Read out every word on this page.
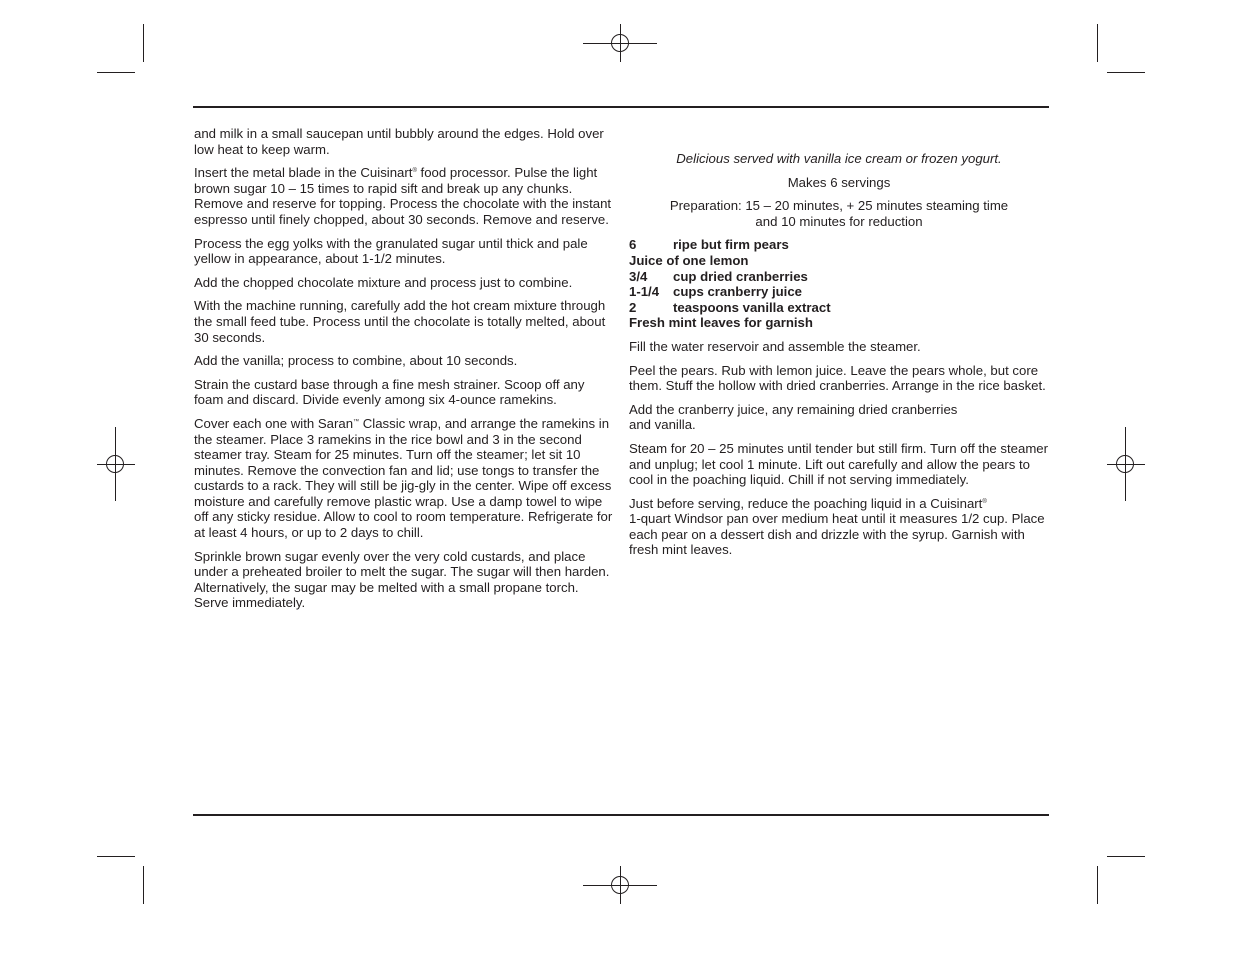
and milk in a small saucepan until bubbly around the edges. Hold over low heat to keep warm.

Insert the metal blade in the Cuisinart® food processor. Pulse the light brown sugar 10 – 15 times to rapid sift and break up any chunks. Remove and reserve for topping. Process the chocolate with the instant espresso until finely chopped, about 30 seconds. Remove and reserve.

Process the egg yolks with the granulated sugar until thick and pale yellow in appearance, about 1-1/2 minutes.

Add the chopped chocolate mixture and process just to combine.

With the machine running, carefully add the hot cream mixture through the small feed tube. Process until the chocolate is totally melted, about 30 seconds.

Add the vanilla; process to combine, about 10 seconds.

Strain the custard base through a fine mesh strainer. Scoop off any foam and discard. Divide evenly among six 4-ounce ramekins.

Cover each one with Saran™ Classic wrap, and arrange the ramekins in the steamer. Place 3 ramekins in the rice bowl and 3 in the second steamer tray. Steam for 25 minutes. Turn off the steamer; let sit 10 minutes. Remove the convection fan and lid; use tongs to transfer the custards to a rack. They will still be jig-gly in the center. Wipe off excess moisture and carefully remove plastic wrap. Use a damp towel to wipe off any sticky residue. Allow to cool to room temperature. Refrigerate for at least 4 hours, or up to 2 days to chill.

Sprinkle brown sugar evenly over the very cold custards, and place under a preheated broiler to melt the sugar. The sugar will then harden. Alternatively, the sugar may be melted with a small propane torch. Serve immediately.

Delicious served with vanilla ice cream or frozen yogurt.

Makes 6 servings

Preparation: 15 – 20 minutes, + 25 minutes steaming time
and 10 minutes for reduction

6	ripe but firm pears
Juice of one lemon
3/4	cup dried cranberries
1-1/4	cups cranberry juice
2	teaspoons vanilla extract
Fresh mint leaves for garnish

Fill the water reservoir and assemble the steamer.

Peel the pears. Rub with lemon juice. Leave the pears whole, but core them. Stuff the hollow with dried cranberries. Arrange in the rice basket.

Add the cranberry juice, any remaining dried cranberries
and vanilla.

Steam for 20 – 25 minutes until tender but still firm. Turn off the steamer and unplug; let cool 1 minute. Lift out carefully and allow the pears to cool in the poaching liquid. Chill if not serving immediately.

Just before serving, reduce the poaching liquid in a Cuisinart®
1-quart Windsor pan over medium heat until it measures 1/2 cup. Place each pear on a dessert dish and drizzle with the syrup. Garnish with fresh mint leaves.
